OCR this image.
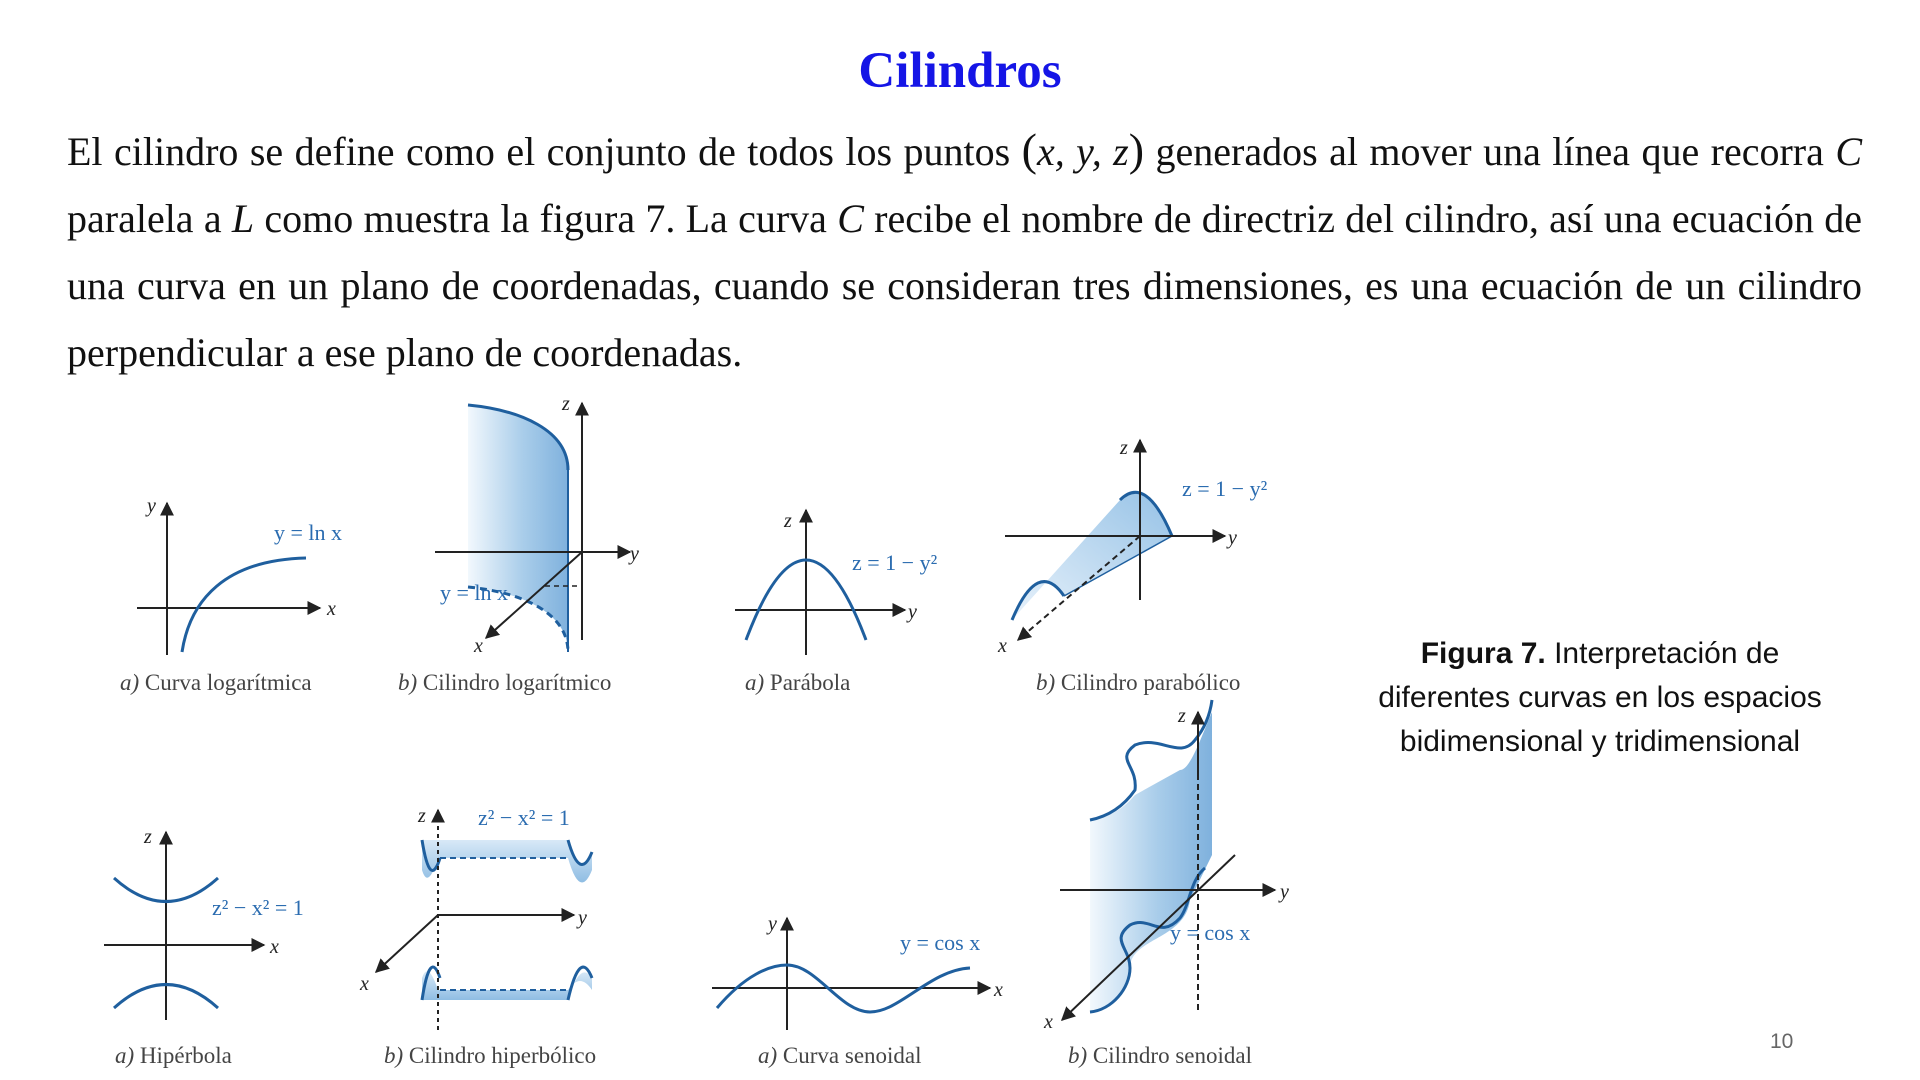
Cilindros

El cilindro se define como el conjunto de todos los puntos (x, y, z) generados al mover una línea que recorra C paralela a L como muestra la figura 7. La curva C recibe el nombre de directriz del cilindro, así una ecuación de una curva en un plano de coordenadas, cuando se consideran tres dimensiones, es una ecuación de un cilindro perpendicular a ese plano de coordenadas.

y
x
y = ln x
a) Curva logarítmica
z
y
x
y = ln x
b) Cilindro logarítmico
z
y
z = 1 − y²
a) Parábola
z
y
x
z = 1 − y²
b) Cilindro parabólico
z
x
z² − x² = 1
a) Hipérbola
z
y
x
z² − x² = 1
b) Cilindro hiperbólico
y
x
y = cos x
a) Curva senoidal
z
y
x
y = cos x
b) Cilindro senoidal
Figura 7. Interpretación de diferentes curvas en los espacios bidimensional y tridimensional
10
